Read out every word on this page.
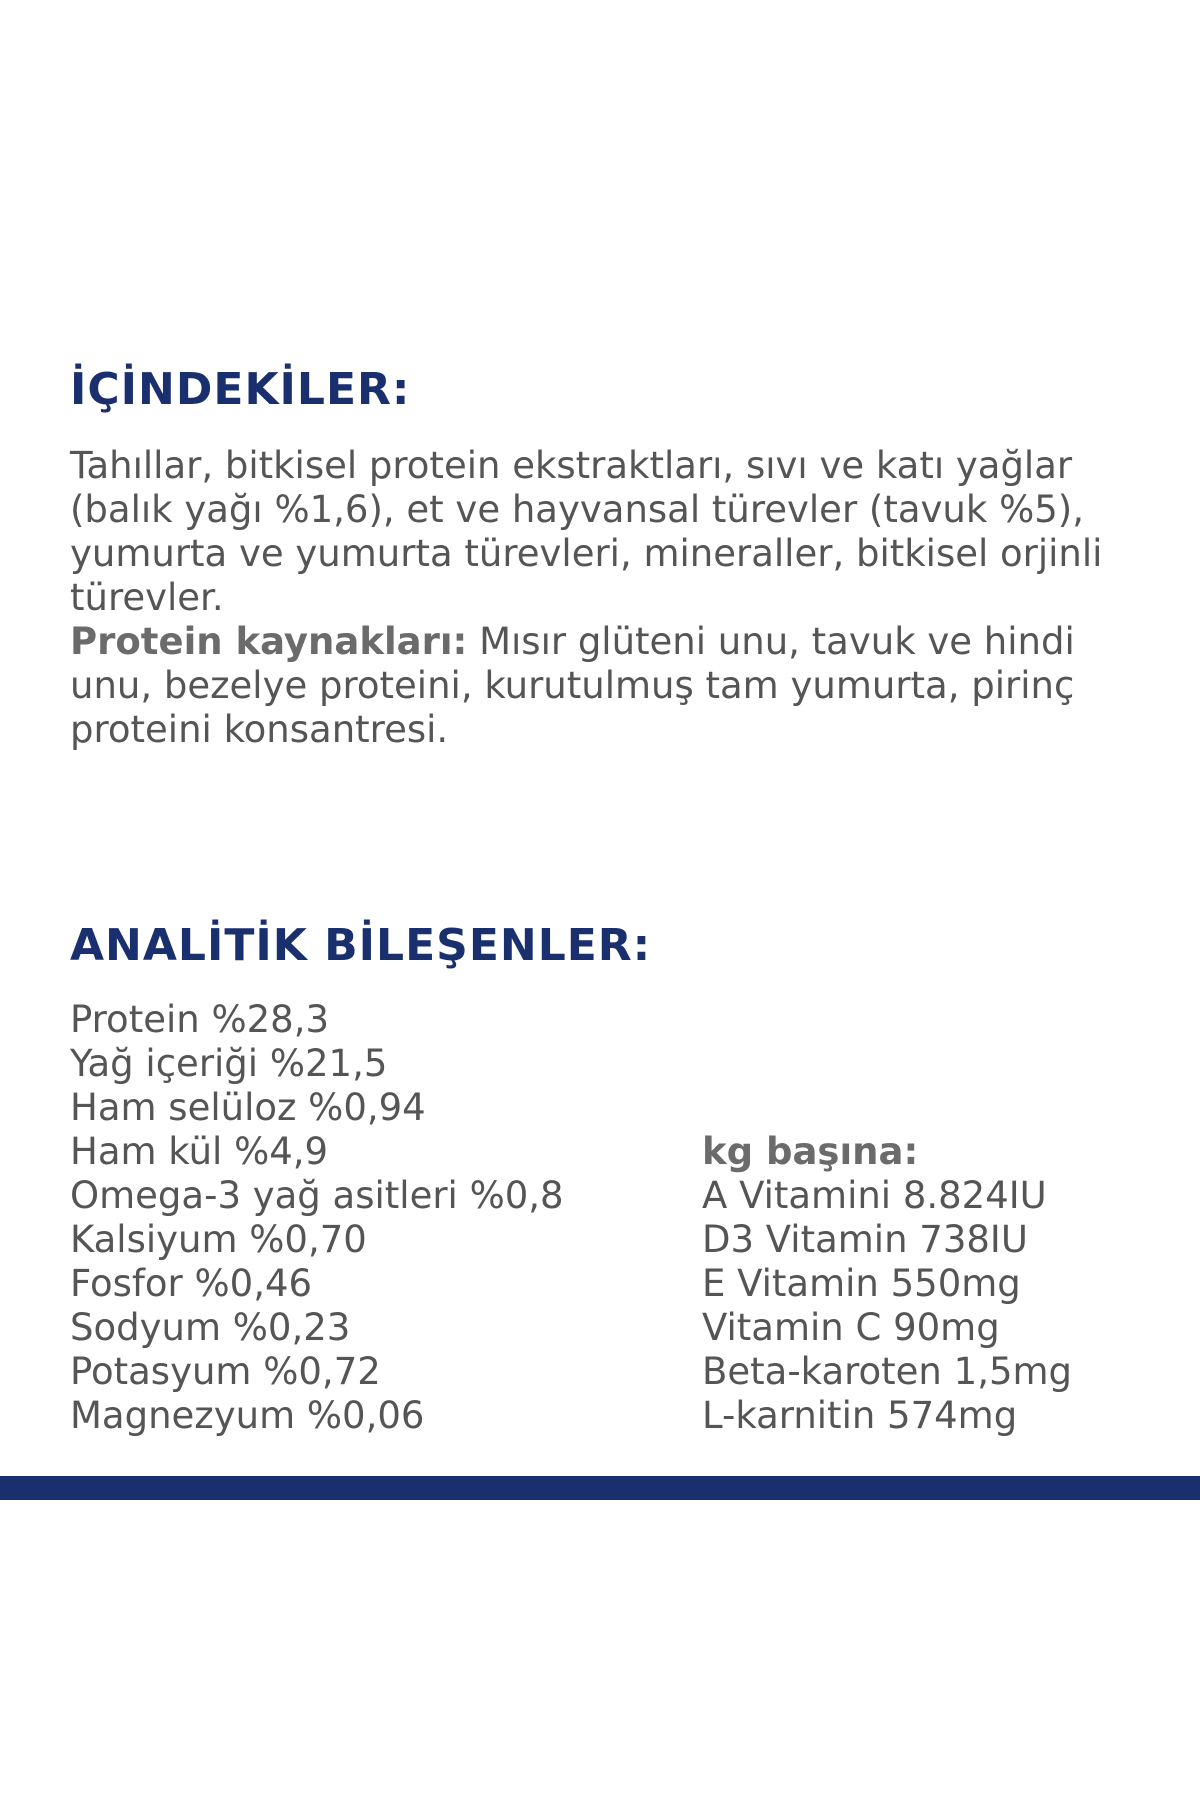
İÇİNDEKİLER:

Tahıllar, bitkisel protein ekstraktları, sıvı ve katı yağlar (balık yağı %1,6), et ve hayvansal türevler (tavuk %5), yumurta ve yumurta türevleri, mineraller, bitkisel orjinli türevler.

Protein kaynakları: Mısır glüteni unu, tavuk ve hindi unu, bezelye proteini, kurutulmuş tam yumurta, pirinç proteini konsantresi.

ANALİTİK BİLEŞENLER:
Protein %28,3
Yağ içeriği %21,5
Ham selüloz %0,94
Ham kül %4,9
Omega-3 yağ asitleri %0,8
Kalsiyum %0,70
Fosfor %0,46
Sodyum %0,23
Potasyum %0,72
Magnezyum %0,06
kg başına:
A Vitamini 8.824IU
D3 Vitamin 738IU
E Vitamin 550mg
Vitamin C 90mg
Beta-karoten 1,5mg
L-karnitin 574mg
